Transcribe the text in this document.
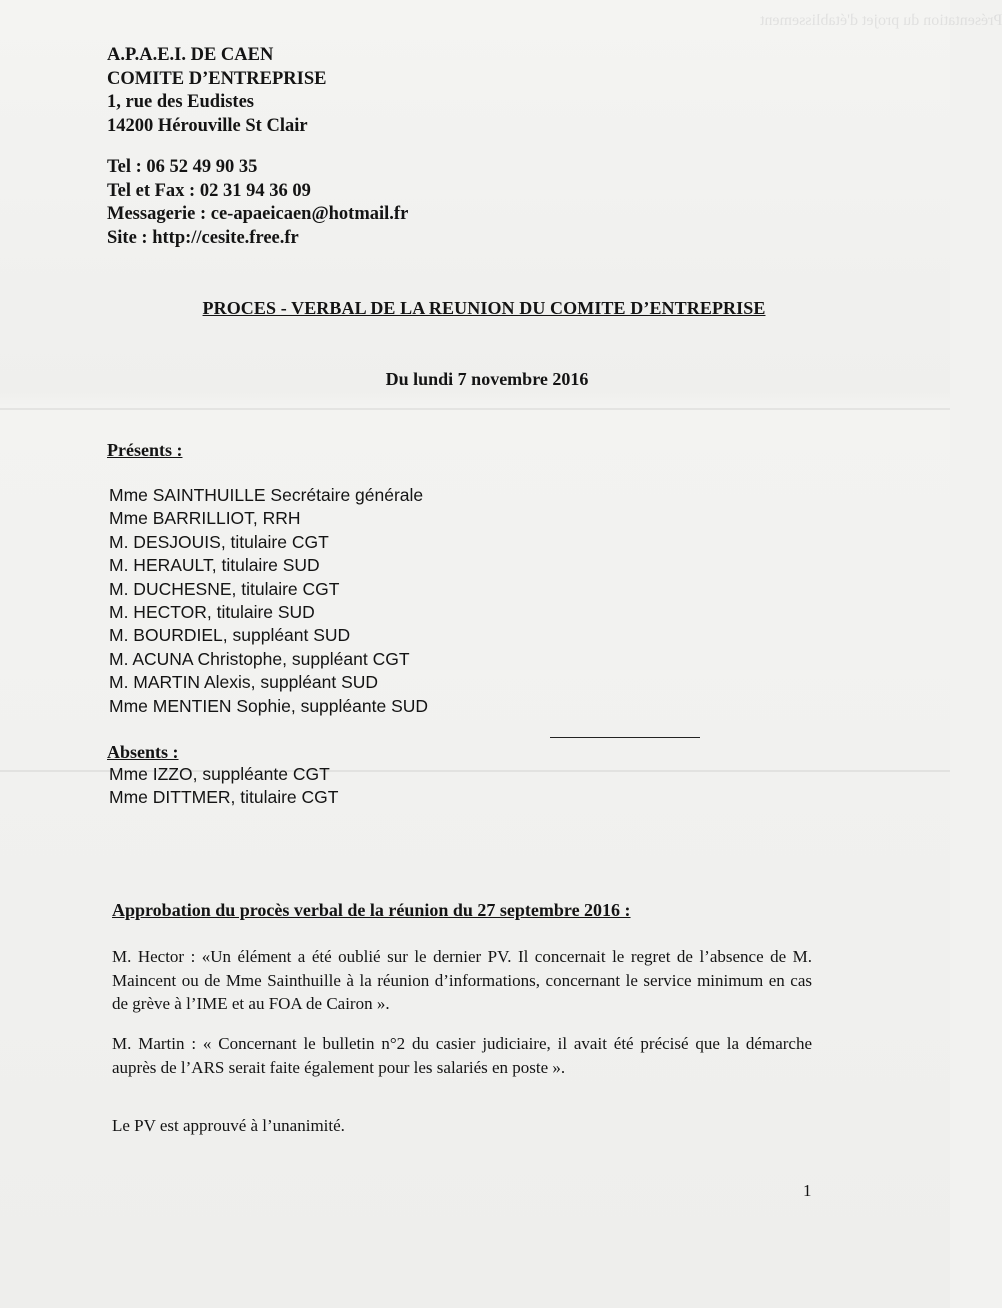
Présentation du projet d'établissement
A.P.A.E.I. DE CAEN
COMITE D’ENTREPRISE
1, rue des Eudistes
14200 Hérouville St Clair
Tel : 06 52 49 90 35
Tel et Fax : 02 31 94 36 09
Messagerie : ce-apaeicaen@hotmail.fr
Site : http://cesite.free.fr
PROCES - VERBAL DE LA REUNION DU COMITE D’ENTREPRISE
Du lundi 7 novembre 2016
Présents :
Mme SAINTHUILLE Secrétaire générale
Mme BARRILLIOT, RRH
M. DESJOUIS, titulaire CGT
M. HERAULT, titulaire SUD
M. DUCHESNE, titulaire CGT
M. HECTOR, titulaire SUD
M. BOURDIEL, suppléant SUD
M. ACUNA Christophe, suppléant CGT
M. MARTIN Alexis, suppléant SUD
Mme MENTIEN Sophie, suppléante SUD
Absents :
Mme IZZO, suppléante CGT
Mme DITTMER, titulaire CGT
Approbation du procès verbal de la réunion du 27 septembre 2016 :
M. Hector : «Un élément a été oublié sur le dernier PV. Il concernait le regret de l’absence de M. Maincent ou de Mme Sainthuille à la réunion d’informations, concernant le service minimum en cas de grève à l’IME et au FOA de Cairon ».
M. Martin : « Concernant le bulletin n°2 du casier judiciaire, il avait été précisé que la démarche auprès de l’ARS serait faite également pour les salariés en poste ».
Le PV est approuvé à l’unanimité.
1
